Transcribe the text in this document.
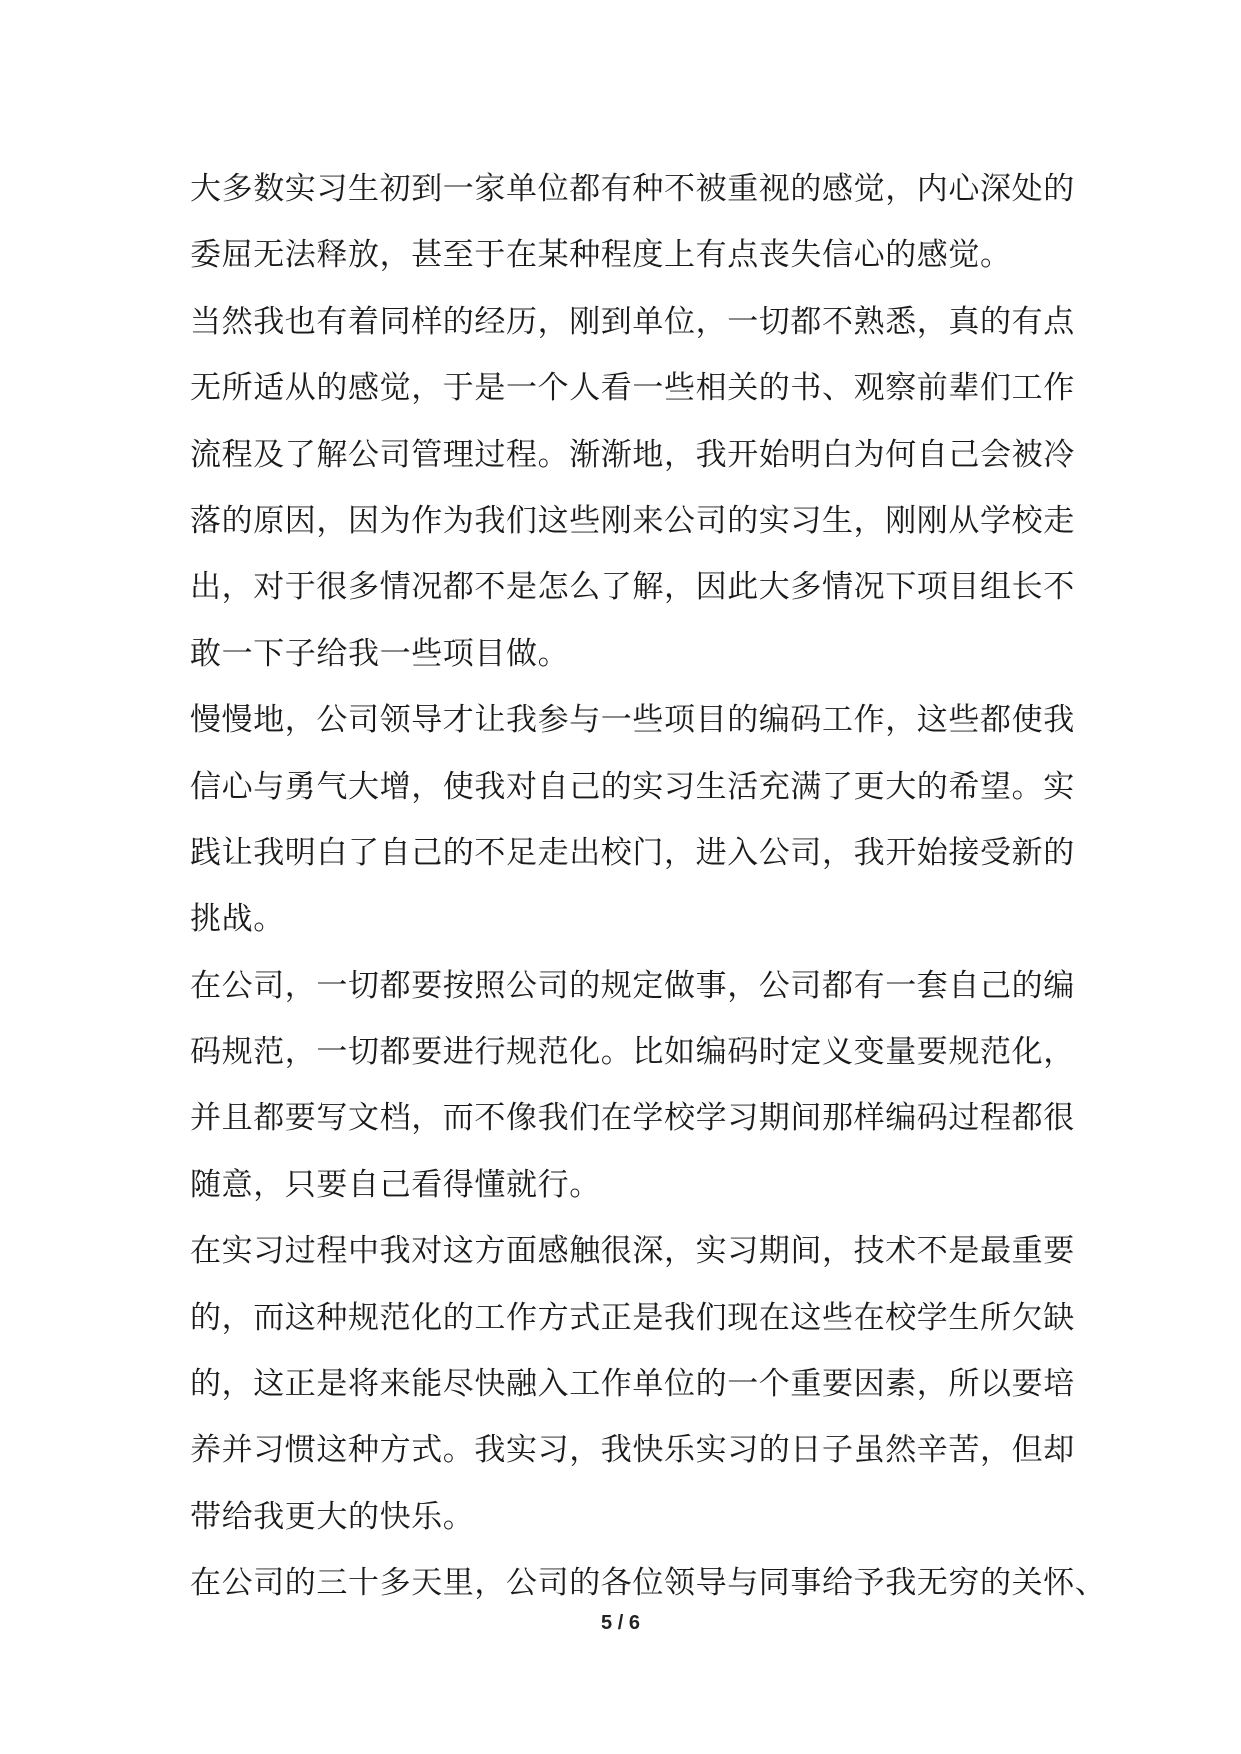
大多数实习生初到一家单位都有种不被重视的感觉，内心深处的
委屈无法释放，甚至于在某种程度上有点丧失信心的感觉。
当然我也有着同样的经历，刚到单位，一切都不熟悉，真的有点
无所适从的感觉，于是一个人看一些相关的书、观察前辈们工作
流程及了解公司管理过程。渐渐地，我开始明白为何自己会被冷
落的原因，因为作为我们这些刚来公司的实习生，刚刚从学校走
出，对于很多情况都不是怎么了解，因此大多情况下项目组长不
敢一下子给我一些项目做。
慢慢地，公司领导才让我参与一些项目的编码工作，这些都使我
信心与勇气大增，使我对自己的实习生活充满了更大的希望。实
践让我明白了自己的不足走出校门，进入公司，我开始接受新的
挑战。
在公司，一切都要按照公司的规定做事，公司都有一套自己的编
码规范，一切都要进行规范化。比如编码时定义变量要规范化，
并且都要写文档，而不像我们在学校学习期间那样编码过程都很
随意，只要自己看得懂就行。
在实习过程中我对这方面感触很深，实习期间，技术不是最重要
的，而这种规范化的工作方式正是我们现在这些在校学生所欠缺
的，这正是将来能尽快融入工作单位的一个重要因素，所以要培
养并习惯这种方式。我实习，我快乐实习的日子虽然辛苦，但却
带给我更大的快乐。
在公司的三十多天里，公司的各位领导与同事给予我无穷的关怀、
5 / 6
